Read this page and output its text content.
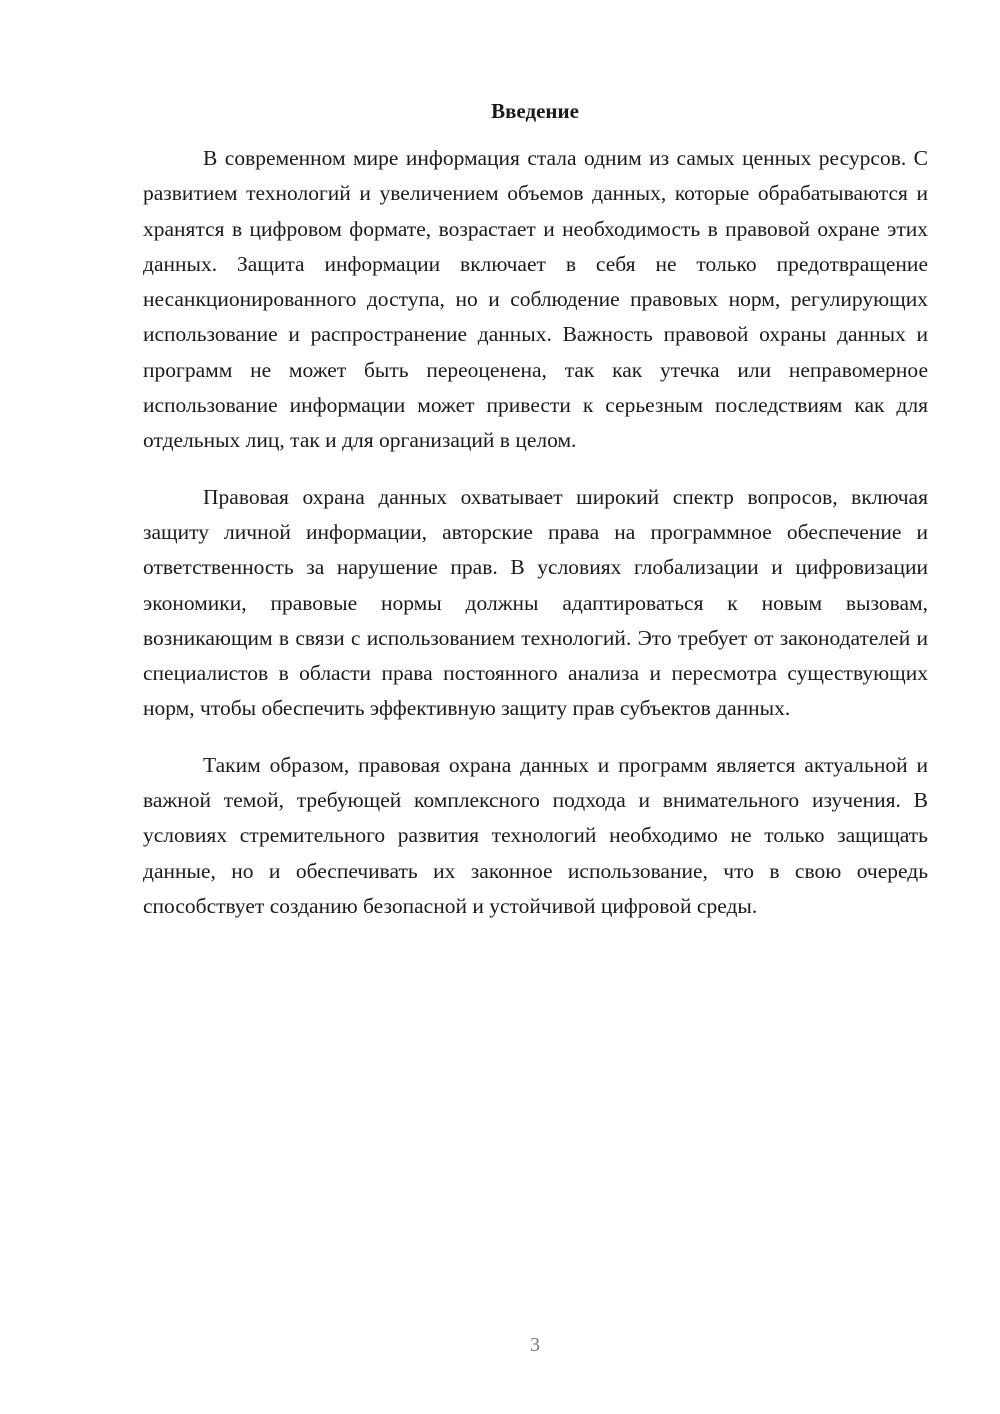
Введение

В современном мире информация стала одним из самых ценных ресурсов. С развитием технологий и увеличением объемов данных, которые обрабатываются и хранятся в цифровом формате, возрастает и необходимость в правовой охране этих данных. Защита информации включает в себя не только предотвращение несанкционированного доступа, но и соблюдение правовых норм, регулирующих использование и распространение данных. Важность правовой охраны данных и программ не может быть переоценена, так как утечка или неправомерное использование информации может привести к серьезным последствиям как для отдельных лиц, так и для организаций в целом.

Правовая охрана данных охватывает широкий спектр вопросов, включая защиту личной информации, авторские права на программное обеспечение и ответственность за нарушение прав. В условиях глобализации и цифровизации экономики, правовые нормы должны адаптироваться к новым вызовам, возникающим в связи с использованием технологий. Это требует от законодателей и специалистов в области права постоянного анализа и пересмотра существующих норм, чтобы обеспечить эффективную защиту прав субъектов данных.

Таким образом, правовая охрана данных и программ является актуальной и важной темой, требующей комплексного подхода и внимательного изучения. В условиях стремительного развития технологий необходимо не только защищать данные, но и обеспечивать их законное использование, что в свою очередь способствует созданию безопасной и устойчивой цифровой среды.

3
